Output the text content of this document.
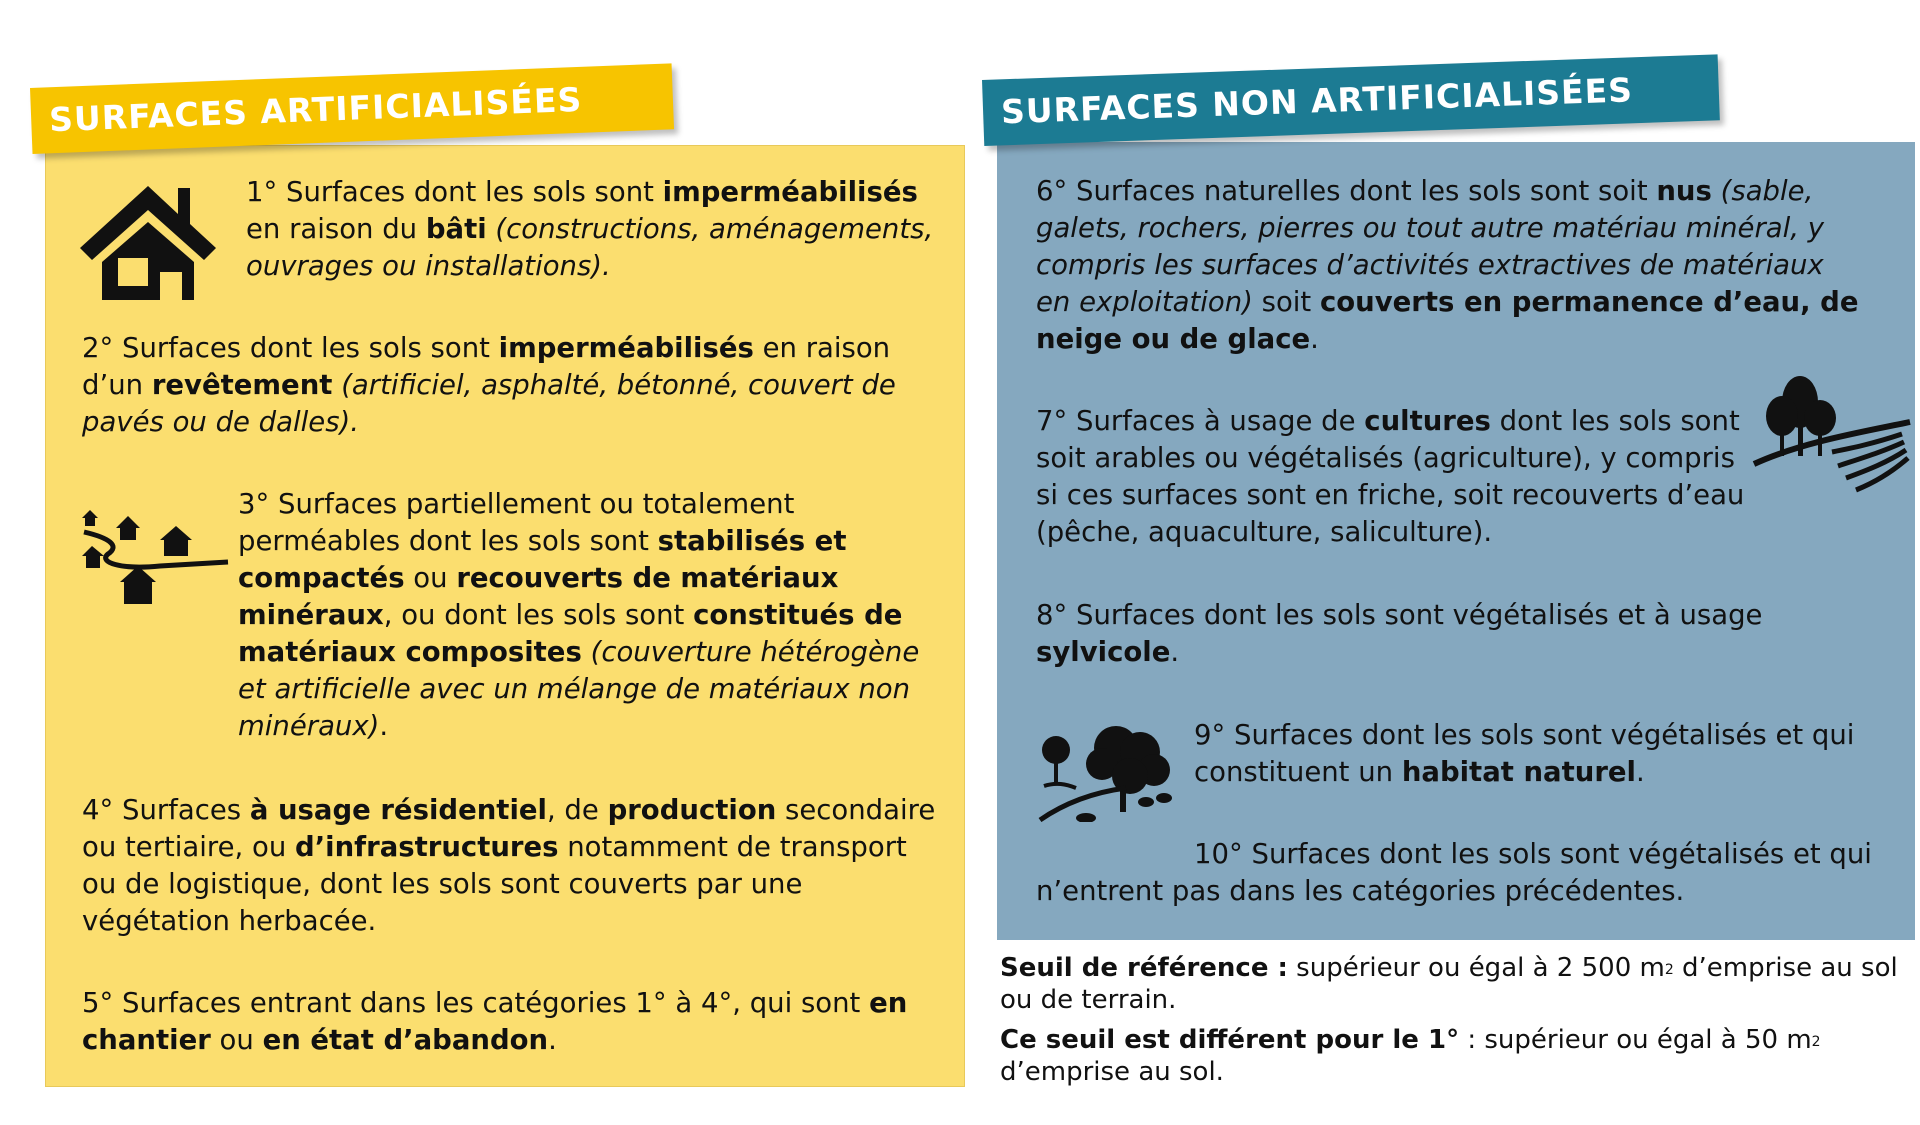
SURFACES ARTIFICIALISÉES	SURFACES NON ARTIFICIALISÉES
1° Surfaces dont les sols sont imperméabilisés en raison du bâti (constructions, aménagements, ouvrages ou installations).
2° Surfaces dont les sols sont imperméabilisés en raison d’un revêtement (artificiel, asphalté, bétonné, couvert de pavés ou de dalles).
3° Surfaces partiellement ou totalement perméables dont les sols sont stabilisés et compactés ou recouverts de matériaux minéraux, ou dont les sols sont constitués de matériaux composites (couverture hétérogène et artificielle avec un mélange de matériaux non minéraux).
4° Surfaces à usage résidentiel, de production secondaire ou tertiaire, ou d’infrastructures notamment de transport ou de logistique, dont les sols sont couverts par une végétation herbacée.
5° Surfaces entrant dans les catégories 1° à 4°, qui sont en chantier ou en état d’abandon.
6° Surfaces naturelles dont les sols sont soit nus (sable, galets, rochers, pierres ou tout autre matériau minéral, y compris les surfaces d’activités extractives de matériaux en exploitation) soit couverts en permanence d’eau, de neige ou de glace.
7° Surfaces à usage de cultures dont les sols sont soit arables ou végétalisés (agriculture), y compris si ces surfaces sont en friche, soit recouverts d’eau (pêche, aquaculture, saliculture).
8° Surfaces dont les sols sont végétalisés et à usage sylvicole.
9° Surfaces dont les sols sont végétalisés et qui constituent un habitat naturel.
10° Surfaces dont les sols sont végétalisés et qui n’entrent pas dans les catégories précédentes.

Seuil de référence : supérieur ou égal à 2 500 $m^2$ d’emprise au sol ou de terrain.

Ce seuil est différent pour le 1° : supérieur ou égal à 50 $m^2$ d’emprise au sol.
